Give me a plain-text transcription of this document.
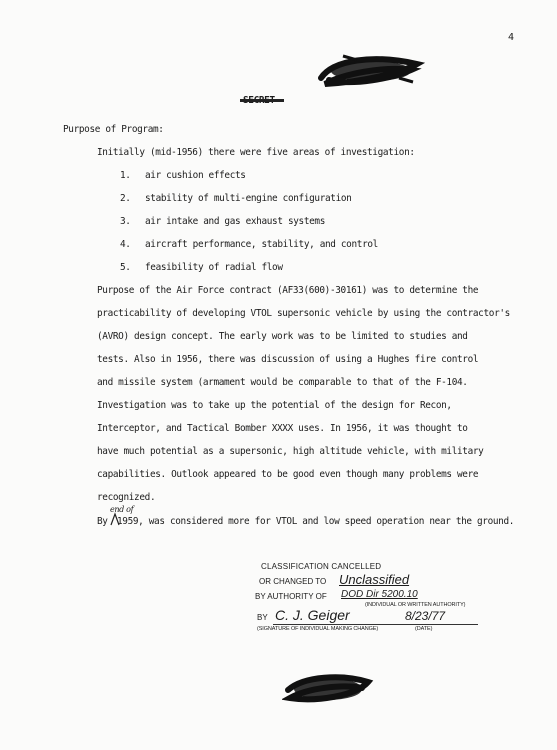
4
Purpose of Program:
Initially (mid-1956) there were five areas of investigation:
1. air cushion effects
2. stability of multi-engine configuration
3. air intake and gas exhaust systems
4. aircraft performance, stability, and control
5. feasibility of radial flow
Purpose of the Air Force contract (AF33(600)-30161) was to determine the
practicability of developing VTOL supersonic vehicle by using the contractor's
(AVRO) design concept. The early work was to be limited to studies and
tests. Also in 1956, there was discussion of using a Hughes fire control
and missile system (armament would be comparable to that of the F-104.
Investigation was to take up the potential of the design for Recon,
Interceptor, and Tactical Bomber XXXX uses. In 1956, it was thought to
have much potential as a supersonic, high altitude vehicle, with military
capabilities. Outlook appeared to be good even though many problems were
recognized.
By
end of
1959, was considered more for VTOL and low speed operation near the ground.
CLASSIFICATION CANCELLED
OR CHANGED TO Unclassified
BY AUTHORITY OF DOD Dir 5200.10
(INDIVIDUAL OR WRITTEN AUTHORITY)
BY C. J. Geiger	8/23/77
(SIGNATURE OF INDIVIDUAL MAKING CHANGE)	(DATE)
